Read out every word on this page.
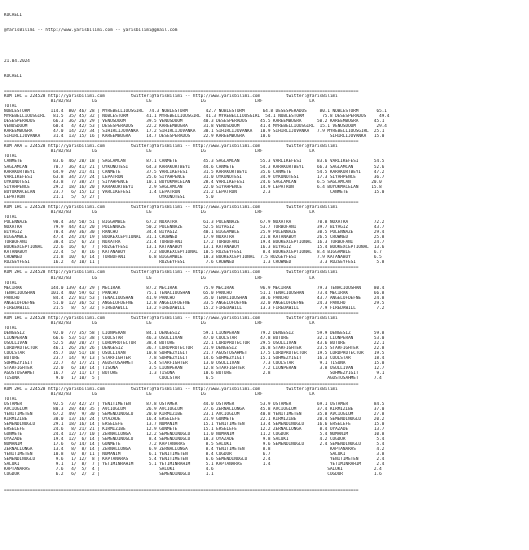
KOCAELI

@YarisBilimi -- http://www.yarisbilimi.com -- yarisbilimi@gmail.com

21.04.2024

KOCAELI

=========================================================================================================================================
KUM 1HC = 224528 http://yarisbilimi.com          twitter:@YarisBilimi -- http://www.yarisbilimi.com          twitter:@YarisBilimi
81/82/83        LG                   LG                   LG                   LRF                  LA
TOTAL
NOBLESTORM        114.4  80/ 46/ 28 | MYREBELLIOUSGIRL  74.3 NOBLESTORM       42.7 NOBLESTORM       64.8 DESESPERADOS     80.1 NOBLESTORM       65.1
MYREBELLIOUSGIRL   81.5  35/ 45/ 32 | NOBLESTORM       41.1 MYREBELLIOUSGIRL  41.3 MYREBELLIOUSGIRL  54.1 NOBLESTORM       75.8 DESESPERADOS     49.4
DESESPERADOS       66.3  36/ 26/ 29 | VENUSDOOM        39.5 VENUSDOOM        40.3 DESESPERADOS     45.5 KAREEMBUGRA      50.2 KAREEMBUGRA      45.1
VENUSDOOM          60.4   4/ 42/ 53 | DESESPERADOS     22.2 KAREEMBUGRA      31.8 VENUSDOOM        41.4 MYREBELLIOUSGIRL  15.1 VENUSDOOM        29.4
KAREEMBUGRA        47.0  14/ 22/ 34 | SIHIRLIJOVANKA   17.2 SIHIRLIJOVANKA   30.1 SIHIRLIJOVANKA   10.9 SIHIRLIJOVANKA   7.9 MYREBELLIOUSGIRL  25.1
SIHIRLIJOVANKA     31.4  13/ 15/ 16 | KAREEMBUGRA      14.7 DESESPERADOS     22.9 KAREEMBUGRA      10.6                       SIHIRLIJOVANKA   15.0
=========================================================================================================================================
KUM ARA = 224528 http://yarisbilimi.com          twitter:@YarisBilimi -- http://www.yarisbilimi.com          twitter:@YarisBilimi
81/82/83        LG                   LG                   LG                   LRF                  LA
TOTAL
CANMETE            83.6  46/ 20/ 18 | SAGLAMCAN        87.1 CANMETE          45.3 SAGLAMCAN        55.3 VARLIKEFESI      83.6 VARLIKEFESI      54.5
SAGLAMCAN          70.7  36/ 41/ 21 | UYKUNOTESI       64.3 KARAKURTBEYI     44.6 CANMETE          54.3 KARAKURTBEYI     66.3 SAGLAMCAN        52.6
KARAKURTBEYI       64.9  29/ 21/ 41 | CANMETE          37.5 VARLIKEFESI      31.5 KARAKURTBEYI     35.6 CANMETE          54.5 KARAKURTBEYI     47.2
VARLIKEFESI        63.8  34/ 27/ 24 | LEPATRON         25.6 SIYAHPENCE       31.0 UYKUNOTESI       34.9 UYKUNOTESI       17.3 SIYAHPENCE       36.7
UYKUNOTESI         43.8   7/ 38/ 27 | SIYAHPENCE       10.1 BUYUKMACELAN     28.4 VARLIKEFESI      24.6 SAGLAMCAN        6.5 SAGLAMCAN        20.0
SIYAHPENCE         29.2  18/ 16/ 20 | KARAKURTBEYI      2.9 SAGLAMCAN        22.0 SIYAHPENCE       14.9 LEPATRON         6.4 BUYUKMACELAN     15.8
BUYUKMACELAN       23.7   6/ 15/ 12 | VARLIKEFESI       1.4 LEPATRON         21.2 LEPATRON          2.3                       CANMETE          15.0
LEPATRON           21.1   5/  5/ 27 |                       UYKUNOTESI        5.0
=========================================================================================================================================
KUM 1HC = 224528 http://yarisbilimi.com          twitter:@YarisBilimi -- http://www.yarisbilimi.com          twitter:@YarisBilimi
81/82/83        LG                   LG                   LG                   LRF                  LA
TOTAL
POLENNAZE          90.4  34/ 50/ 51 | BIGGAMBLE        67.2 NOXATRA          61.3 POLENNAZE        67.9 NOXATRA          70.8 NOXATRA          72.2
NOXATRA            79.9  44/ 41/ 20 | POLENNAZE        50.2 POLENNAZE        52.5 BIYAGIZ          53.7 TURBOFANI        39.7 BIYAGIZ          43.7
BIYAGIZ            70.4  39/ 36/ 30 | RANCHO           34.4 BIYAGIZ          40.1 BIGGAMBLE        25.9 POLENNAZE        30.5 POLENNAZE        29.4
BIGGAMBLE          47.4  24/ 24/ 19 | BOOKEXCEPTIONAL  31.1 CROWNED          17.9 NOXATRA          21.8 KATANABOY        26.5 CROWNED          25.8
TURBOFANI          30.4  15/  6/ 23 | NOXATRA          21.4 TURBOFANI        17.2 TURBOFANI        19.4 BOOKEXCEPTIONAL  16.3 TURBOFANI        24.7
BOOKEXCEPTIONAL    22.6  16/  6/  7 | RUZGEYFESI       13.1 KATANABOY        13.1 KATANABOY        16.3 BIYAGIZ          15.4 BOOKEXCEPTIONAL  13.6
KATANABOY          22.4   5/  8/ 16 | KATANABOY         7.2 BOOKEXCEPTIONAL  10.5 RUZGEYFESI        8.4 BOOKEXCEPTIONAL  8.4 BIGGAMBLE         6.7
CROWNED            21.8  10/  6/ 14 | TURBOFANI         6.8 BIGGAMBLE        10.3 BOOKEXCEPTIONAL  7.5 RUZGEYFESI        7.9 KATANABOY         6.5
RUZGEYFESI         16.2   4/ 10/ 11 |                       RUZGEYFESI        7.6 CROWNED           1.3 CROWNED           3.3 RUZGEYFESI        5.8
=========================================================================================================================================
KUM 2HC = 224528 http://yarisbilimi.com          twitter:@YarisBilimi -- http://www.yarisbilimi.com          twitter:@YarisBilimi
81/82/83        LG                   LG                   LG                   LRF                  LA
TOTAL
MECIRAK           144.0 139/ 43/ 29 | MECIRAK          87.2 MECIRAK          75.9 MECIRAK          96.9 MECIRAK          79.3 TENACIOUSHAN     80.4
TENACIOUSHAN      101.4  40/ 59/ 62 | PANCHO           75.1 TENACIOUSHAN     65.0 PANCHO           51.1 TENACIOUSHAN     73.4 MECIRAK          66.8
PANCHO             84.4  22/ 81/ 53 | TENACIOUSHAN     41.9 PANCHO           35.0 TENACIOUSHAN     38.6 PANCHO           43.7 ANGELOFDEFNE     24.8
ANGELOFDEFNE       51.0  12/ 36/ 52 | ANGELOFDEFNE     12.8 ANGELOFDEFNE     33.5 ANGELOFDEFNE     32.0 ANGELOFDEFNE     24.3 PANCHO           29.5
FIREDAWILL         21.5   8/  5/ 32 | FIREDAWILL       13.2 FIREDAWILL       15.2 FIREDAWILL       13.3 FIREDAWILL        7.9 FIREDAWILL        7.2
=========================================================================================================================================
KUM 1HC = 224528 http://yarisbilimi.com          twitter:@YarisBilimi -- http://www.yarisbilimi.com          twitter:@YarisBilimi
81/82/83        LG                   LG                   LG                   LRF                  LA
TOTAL
DENGESIZ           92.0  77/ 35/ 58 | LIONPERAN        84.1 DENGESIZ         59.1 LIONPERAN        79.2 DENGESIZ         59.9 DENGESIZ         59.8
LIONPERAN          66.6  53/ 51/ 38 | COOLSTAR         46.3 OSULLIVAN        47.0 COOLSTAR         47.8 BUTURE           32.1 LIONPERAN        53.0
OSULLIVAN          52.5  30/ 20/ 27 | LORDPROTECTOR    38.4 BUTURE           22.1 LORDPROTECTOR    29.5 OSULLIVAN        43.6 BUTURE           22.1
LORDPROTECTOR      46.1  26/ 26/ 26 | DENGESIZ         36.7 LORDPROTECTOR    21.9 DENGESIZ         26.8 STARFIGHTER      23.5 STARFIGHTER      22.8
COOLSTAR           45.7  10/ 51/ 18 | OSULLIVAN        10.8 SOHMEZYIGIT      21.7 AGUSTOSAHMET     17.5 LORDPROTECTOR    19.5 LORDPROTECTOR    19.5
BUTURE             23.7  14/  9/ 13 | STARFIGHTER       7.8 SOHMEZYIGIT      14.6 SOHMEZYIGIT      15.1 SOHMEZYIGIT      16.3 COOLSTAR         18.4
SOHMEZYIGIT        22.7   4/ 17/ 21 | AGUSTOSAHMET      5.4 STARFIGHTER      13.0 OSULLIVAN         7.3 COOLSTAR          9.1 TISONA           15.0
STARFIGHTER        22.0   6/ 18/ 14 | TISONA            3.5 LIONPERAN        12.8 STARFIGHTER       7.2 LIONPERAN         3.8 OSULLIVAN        12.7
AGUSTOSAHMET       16.7   2/ 11/ 17 | BUTURE            1.3 TISONA           10.6 BUTURE            2.8                       SOHMEZYIGIT       9.1
TISONA              9.0   1/ 10/  5 |                       COOLSTAR          6.5                                            AGUSTOSAHMET      7.4
=========================================================================================================================================
KUM 2HC = 224528 http://yarisbilimi.com          twitter:@YarisBilimi -- http://www.yarisbilimi.com          twitter:@YarisBilimi
81/82/83        LG                   LG                   LG                   LRF                  LA
TOTAL
OSTAMER            92.5  73/ 42/ 27 | YENITIMETEN      87.8 OSTAMER          44.0 OSTAMER          53.9 OSTAMER          69.1 OSTAMER          84.5
AVCIOGLUM          80.3  28/ 40/ 35 | AVCIOGLUM        26.9 AVCIOGLUM        27.6 ZERNALLONGA      45.8 AVCIOGLUM        37.4 KIRMIZIBE        37.0
YENITIMETEN        67.2  49/  9/ 30 | SEMENDINOGLU     20.0 KIRMIZIBE        23.1 AVCIOGLUM        40.8 YENITIMETEN      35.8 AVCIOGLUM        27.8
KIRMIZIBE          30.0  13/ 16/ 24 | OYAZADE          16.4 ERSELEFE         21.9 GUNMETE          22.1 KIRMIZIBE        20.4 SEMENDINOGLU     20.2
SEMENDINOGLU       29.1  18/ 16/ 14 | ERSELEFE         13.7 NUMANIM          15.1 YENITIMETEN      13.4 SEMENDINOGLU     16.6 ERSELEFE         15.0
ERSELEFE           24.6   8/ 21/ 21 | KIRMIZIBE        12.9 GUNMETE          15.1 ERSELEFE         12.2 ZERNALLONGA       8.4 OYAZADE          13.7
GUNMETE            24.4  12/ 17/ 10 | ZERNALLONGA      12.2 SEMENDINOGLU     11.0 NUMANIM          11.2 COGDUR            5.4 NUMANIM          10.8
OYAZADE            19.4  12/  6/ 14 | SEMENDINOGLU      8.4 SEMENDINOGLU     10.3 OYAZADE           9.8 SALUKI            4.2 COGDUR            5.4
NUMANIM            17.6   6/ 14/ 14 | GUNMETE           7.2 KAPTANARAS        8.5 SALUKI            9.6 SEMENDINOGLU      2.4 SEMENDINOGLU      5.4
ZERNALLONGA        13.4   8/  8/ 14 | ZERNALLONGA       6.9 ZERNALLONGA       8.4 YENITIMETEN       8.8                       KAPTANARAS        4.2
YENITIMETEN        10.8   0/  8/ 11 | NUMANIM           6.1 YENITIMETEN       8.4 COGDUR            6.7                       SALUKI            3.8
SEMENDINOGLU        9.6   1/ 12/  8 | KAPTANARAS        5.4 YENITIMETEN       6.6 SEMENDINOGLU      2.4                       YENITIMETEN       2.4
SALUKI              9.1   1/  8/  7 | YETIMINRAHIM      5.1 YETIMINRAHIM      5.1 KAPTANARAS        1.4                       YETIMINRAHIM      2.4
KAPTANARAS          7.6   4/  5/  4 |                       SALUKI            4.6                                            SALUKI            2.4
COGDUR              6.2   6/  2/  2 |                       SEMENDINOGLU      1.1                                            COGDUR            1.6

=========================================================================================================================================
